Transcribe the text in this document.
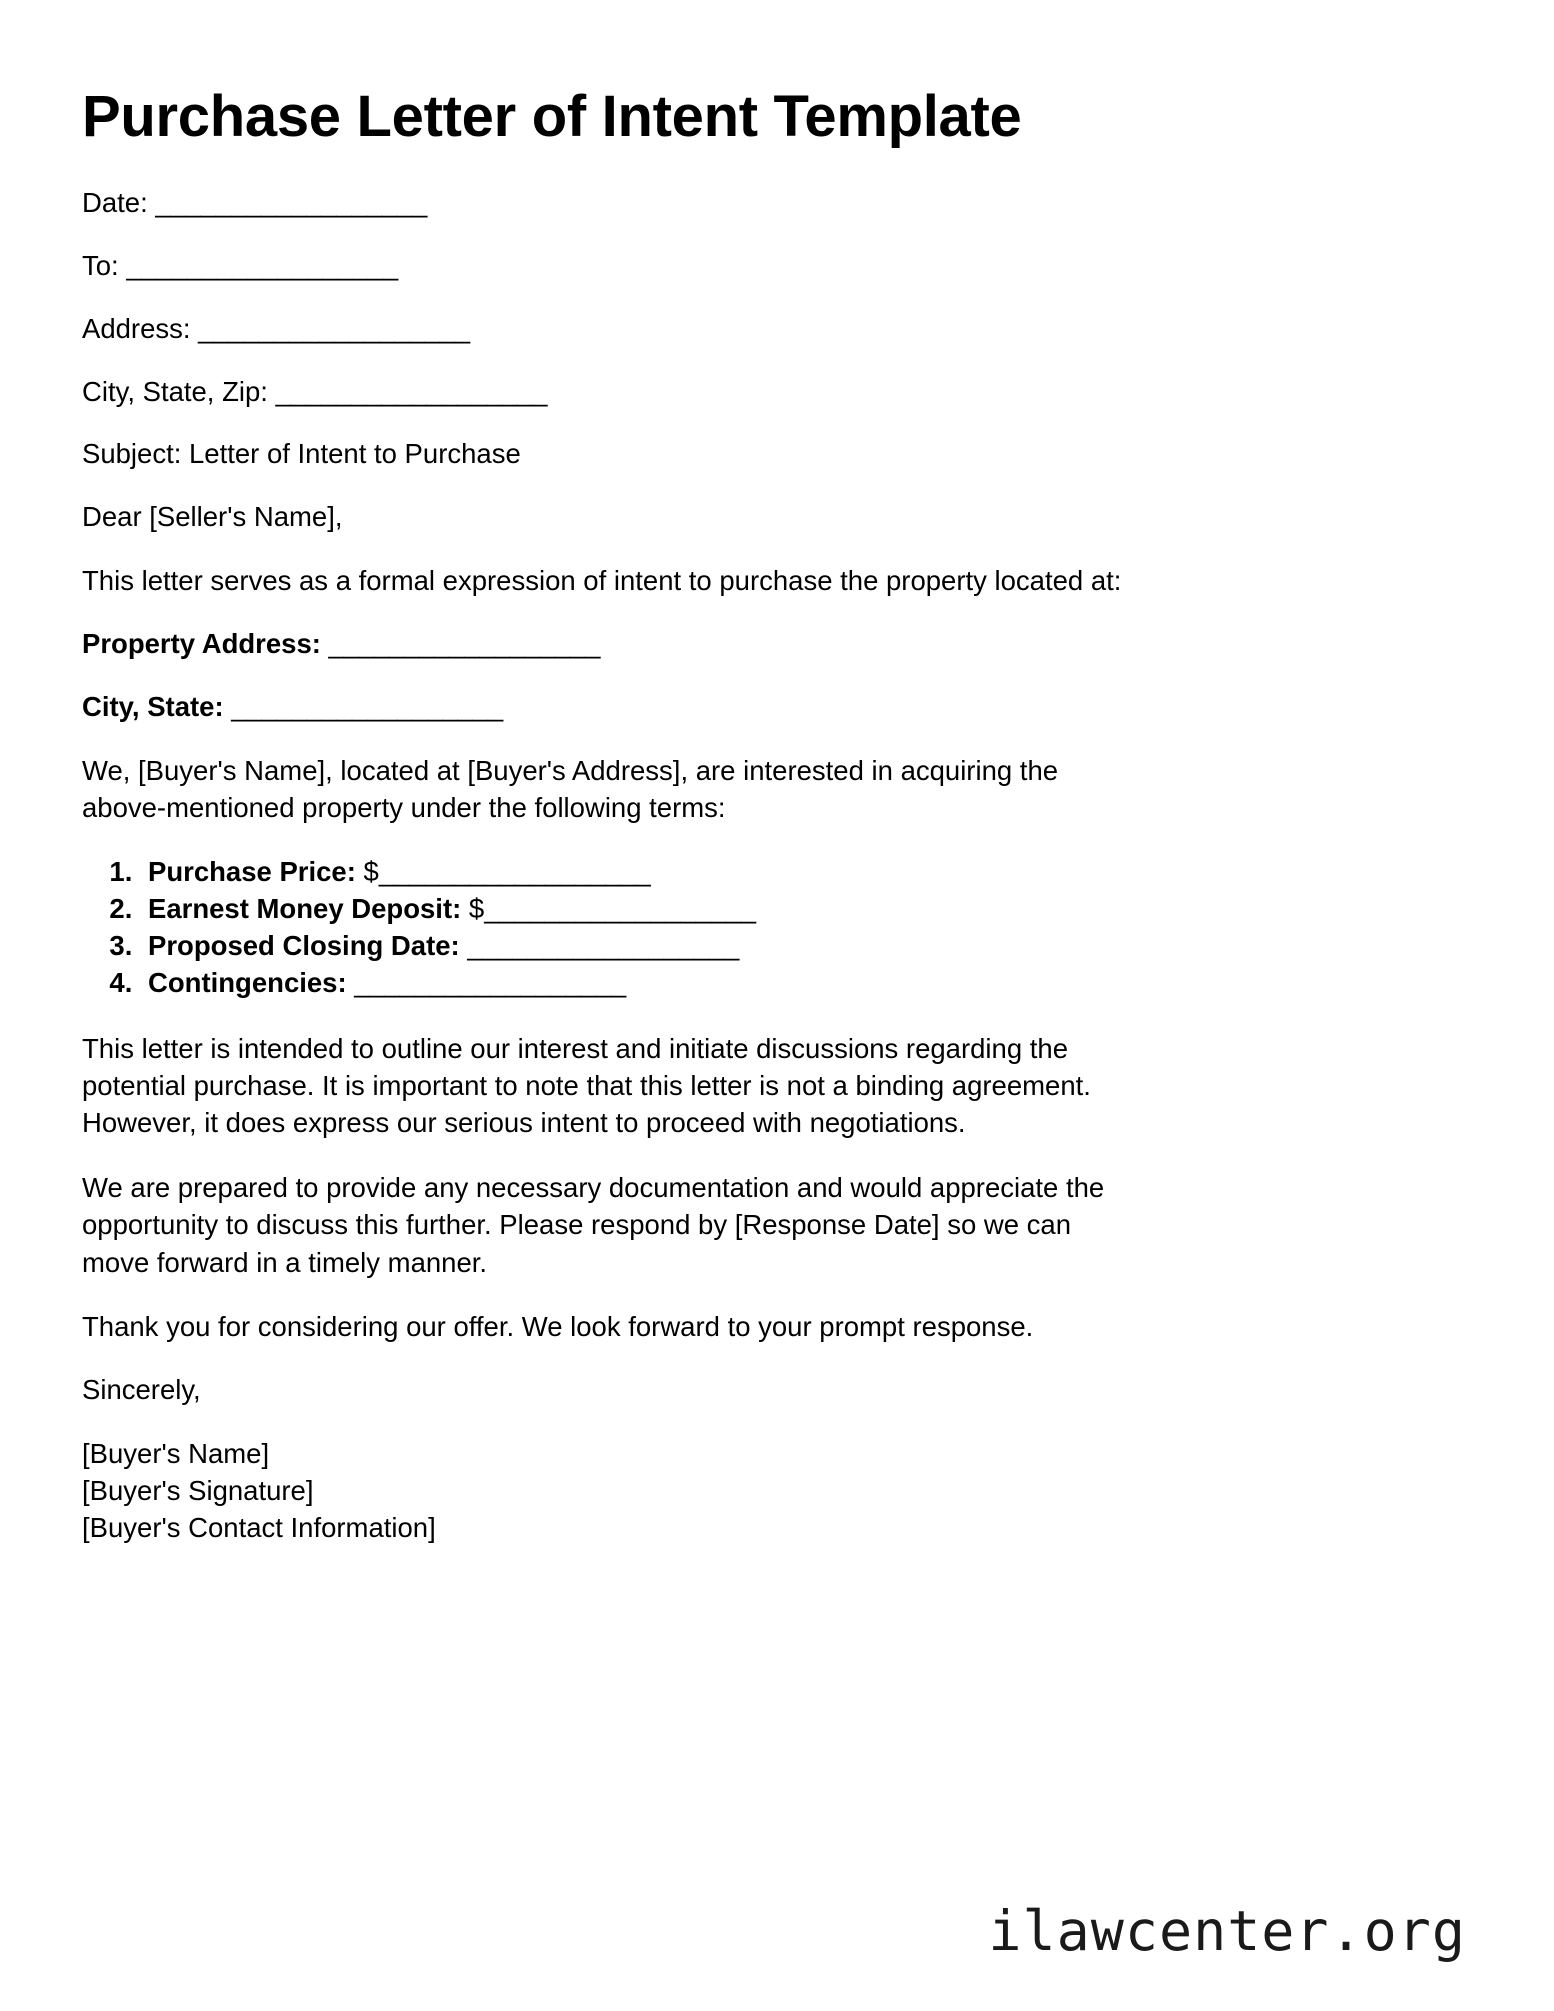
Purchase Letter of Intent Template

Date: __________________

To: __________________

Address: __________________

City, State, Zip: __________________

Subject: Letter of Intent to Purchase

Dear [Seller's Name],

This letter serves as a formal expression of intent to purchase the property located at:

Property Address: __________________

City, State: __________________

We, [Buyer's Name], located at [Buyer's Address], are interested in acquiring the above-mentioned property under the following terms:

1. Purchase Price: $__________________
2. Earnest Money Deposit: $__________________
3. Proposed Closing Date: __________________
4. Contingencies: __________________

This letter is intended to outline our interest and initiate discussions regarding the potential purchase. It is important to note that this letter is not a binding agreement. However, it does express our serious intent to proceed with negotiations.

We are prepared to provide any necessary documentation and would appreciate the opportunity to discuss this further. Please respond by [Response Date] so we can move forward in a timely manner.

Thank you for considering our offer. We look forward to your prompt response.

Sincerely,

[Buyer's Name]
[Buyer's Signature]
[Buyer's Contact Information]
ilawcenter.org
